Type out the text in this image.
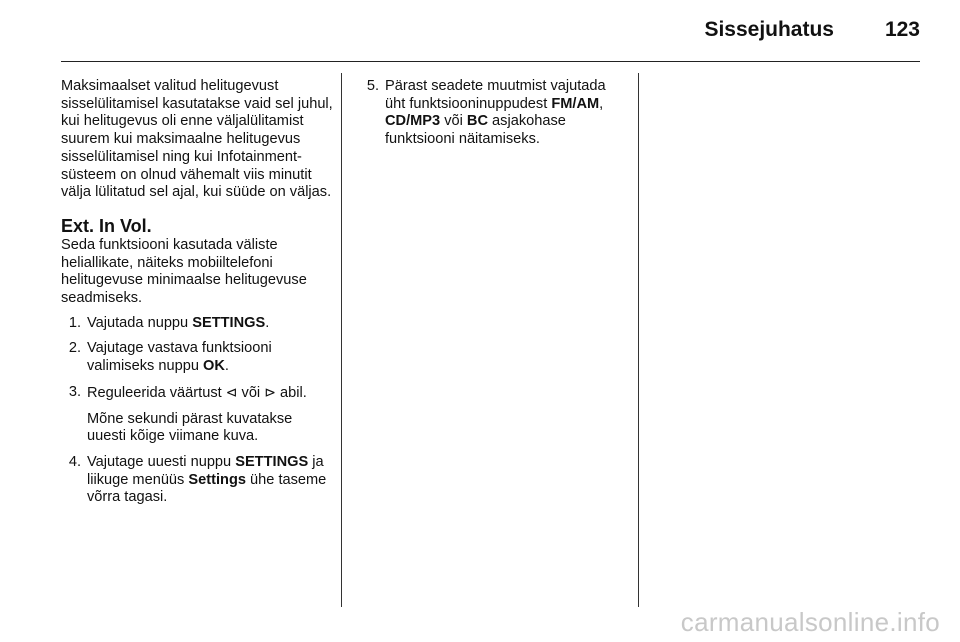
Sissejuhatus 123

Maksimaalset valitud helitugevust sisselülitamisel kasutatakse vaid sel juhul, kui helitugevus oli enne väljalülitamist suurem kui maksimaalne helitugevus sisselülitamisel ning kui Infotainment-süsteem on olnud vähemalt viis minutit välja lülitatud sel ajal, kui süüde on väljas.

Ext. In Vol.

Seda funktsiooni kasutada väliste heliallikate, näiteks mobiiltelefoni helitugevuse minimaalse helitugevuse seadmiseks.

1. Vajutada nuppu SETTINGS.
2. Vajutage vastava funktsiooni valimiseks nuppu OK.
3. Reguleerida väärtust ⊲ või ⊳ abil.
Mõne sekundi pärast kuvatakse uuesti kõige viimane kuva.
4. Vajutage uuesti nuppu SETTINGS ja liikuge menüüs Settings ühe taseme võrra tagasi.
5. Pärast seadete muutmist vajutada üht funktsiooninuppudest FM/AM, CD/MP3 või BC asjakohase funktsiooni näitamiseks.
carmanualsonline.info
